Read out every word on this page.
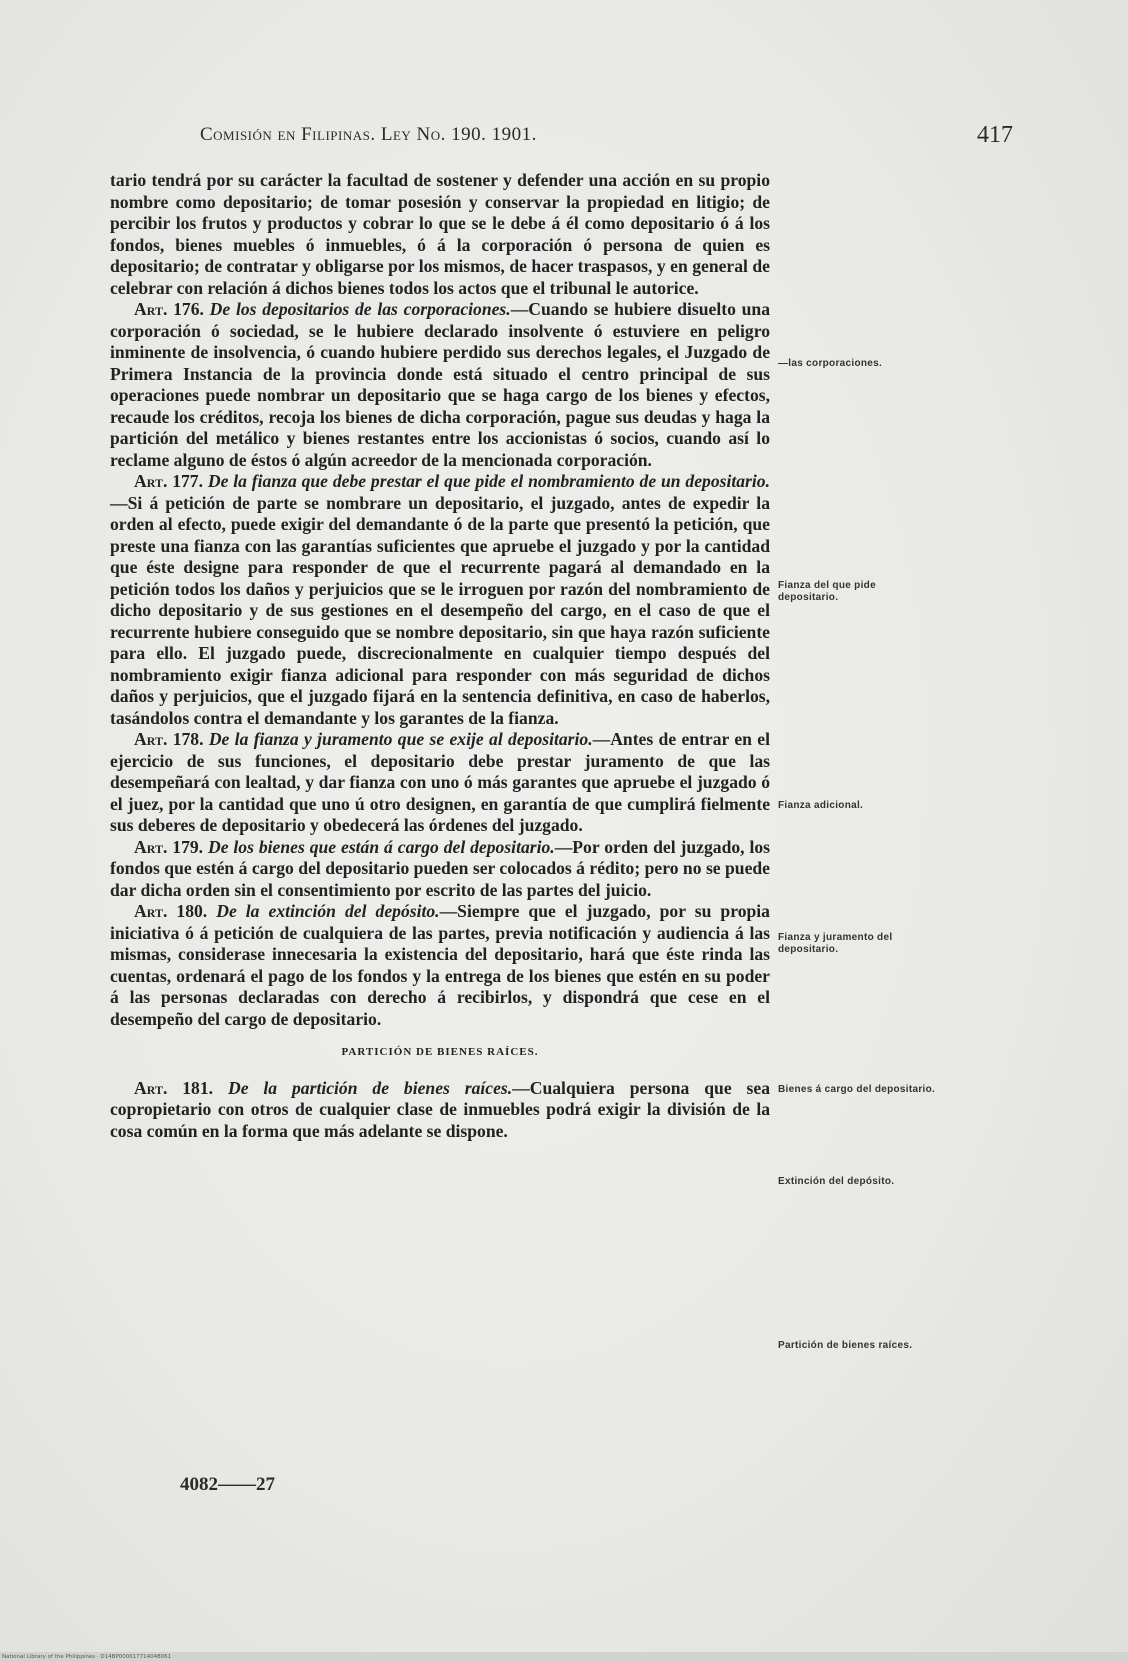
Comisión en Filipinas. Ley No. 190. 1901.	417

tario tendrá por su carácter la facultad de sostener y defender una acción en su propio nombre como depositario; de tomar posesión y conservar la propiedad en litigio; de percibir los frutos y productos y cobrar lo que se le debe á él como depositario ó á los fondos, bienes muebles ó inmuebles, ó á la corporación ó persona de quien es depositario; de contratar y obligarse por los mismos, de hacer traspasos, y en general de celebrar con relación á dichos bienes todos los actos que el tribunal le autorice.

Art. 176. De los depositarios de las corporaciones.—Cuando se hubiere disuelto una corporación ó sociedad, se le hubiere declarado insolvente ó estuviere en peligro inminente de insolvencia, ó cuando hubiere perdido sus derechos legales, el Juzgado de Primera Instancia de la provincia donde está situado el centro principal de sus operaciones puede nombrar un depositario que se haga cargo de los bienes y efectos, recaude los créditos, recoja los bienes de dicha corporación, pague sus deudas y haga la partición del metálico y bienes restantes entre los accionistas ó socios, cuando así lo reclame alguno de éstos ó algún acreedor de la mencionada corporación.

Art. 177. De la fianza que debe prestar el que pide el nombramiento de un depositario.—Si á petición de parte se nombrare un depositario, el juzgado, antes de expedir la orden al efecto, puede exigir del demandante ó de la parte que presentó la petición, que preste una fianza con las garantías suficientes que apruebe el juzgado y por la cantidad que éste designe para responder de que el recurrente pagará al demandado en la petición todos los daños y perjuicios que se le irroguen por razón del nombramiento de dicho depositario y de sus gestiones en el desempeño del cargo, en el caso de que el recurrente hubiere conseguido que se nombre depositario, sin que haya razón suficiente para ello. El juzgado puede, discrecionalmente en cualquier tiempo después del nombramiento exigir fianza adicional para responder con más seguridad de dichos daños y perjuicios, que el juzgado fijará en la sentencia definitiva, en caso de haberlos, tasándolos contra el demandante y los garantes de la fianza.

Art. 178. De la fianza y juramento que se exije al depositario.—Antes de entrar en el ejercicio de sus funciones, el depositario debe prestar juramento de que las desempeñará con lealtad, y dar fianza con uno ó más garantes que apruebe el juzgado ó el juez, por la cantidad que uno ú otro designen, en garantía de que cumplirá fielmente sus deberes de depositario y obedecerá las órdenes del juzgado.

Art. 179. De los bienes que están á cargo del depositario.—Por orden del juzgado, los fondos que estén á cargo del depositario pueden ser colocados á rédito; pero no se puede dar dicha orden sin el consentimiento por escrito de las partes del juicio.

Art. 180. De la extinción del depósito.—Siempre que el juzgado, por su propia iniciativa ó á petición de cualquiera de las partes, previa notificación y audiencia á las mismas, considerase innecesaria la existencia del depositario, hará que éste rinda las cuentas, ordenará el pago de los fondos y la entrega de los bienes que estén en su poder á las personas declaradas con derecho á recibirlos, y dispondrá que cese en el desempeño del cargo de depositario.

PARTICIÓN DE BIENES RAÍCES.

Art. 181. De la partición de bienes raíces.—Cualquiera persona que sea copropietario con otros de cualquier clase de inmuebles podrá exigir la división de la cosa común en la forma que más adelante se dispone.

4082——27
—las corporaciones.
Fianza del que pide depositario.
Fianza adicional.
Fianza y juramento del depositario.
Bienes á cargo del depositario.
Extinción del depósito.
Partición de bienes raíces.
National Library of the Philippines · D14BP000017714048061
